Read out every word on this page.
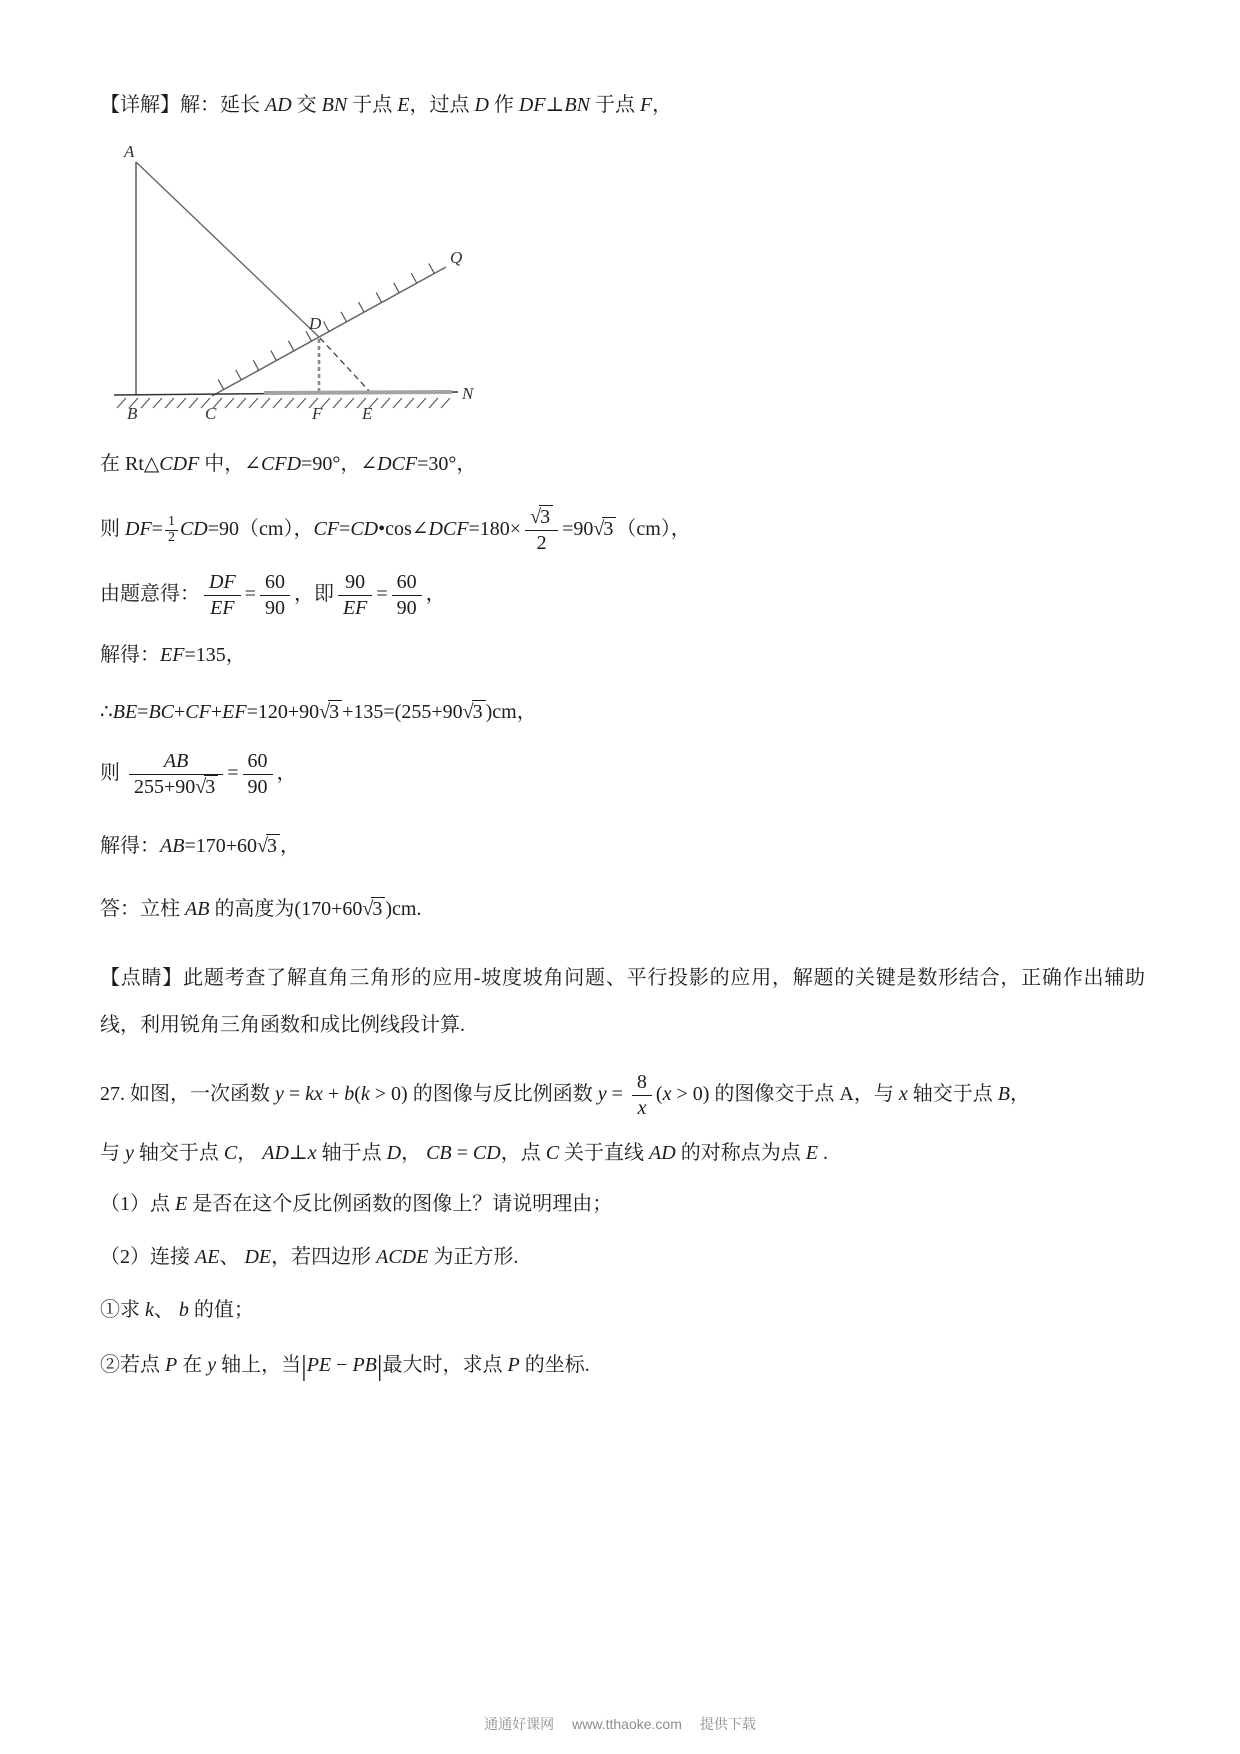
【详解】解：延长 AD 交 BN 于点 E，过点 D 作 DF⊥BN 于点 F，

A
Q
D
N
B	C	F E

在 Rt△CDF 中，∠CFD=90°，∠DCF=30°，

则 $DF= \frac{1}{2} CD=90(cm)$，CF=CD•cos∠DCF=180× $\frac{√3}{2} =90√3$ （cm），

由题意得： $\frac{DF}{EF} = \frac{60}{90}$ ，即 $\frac{90}{EF} = \frac{60}{90}$ ，

解得：EF=135，

∴BE=BC+CF+EF=120+90√3 +135=(255+90√3 )cm，

则 $\frac{AB}{255+90√3} = \frac{60}{90}$ ，

解得：AB=170+60√3 ，

答：立柱 AB 的高度为(170+60√3 )cm.

【点睛】此题考查了解直角三角形的应用-坡度坡角问题、平行投影的应用，解题的关键是数形结合，正确作出辅助线，利用锐角三角函数和成比例线段计算.

27. 如图，一次函数 y = kx + b(k > 0) 的图像与反比例函数 $y = \frac{8}{x} (x > 0)$ 的图像交于点 A，与 x 轴交于点 B，

与 y 轴交于点 C， AD⊥x 轴于点 D， CB = CD，点 C 关于直线 AD 的对称点为点 E .

（1）点 E 是否在这个反比例函数的图像上？请说明理由；

（2）连接 AE、 DE，若四边形 ACDE 为正方形.

①求 k、 b 的值；

②若点 P 在 y 轴上，当|PE − PB|最大时，求点 P 的坐标.

通通好课网 www.tthaoke.com 提供下载
